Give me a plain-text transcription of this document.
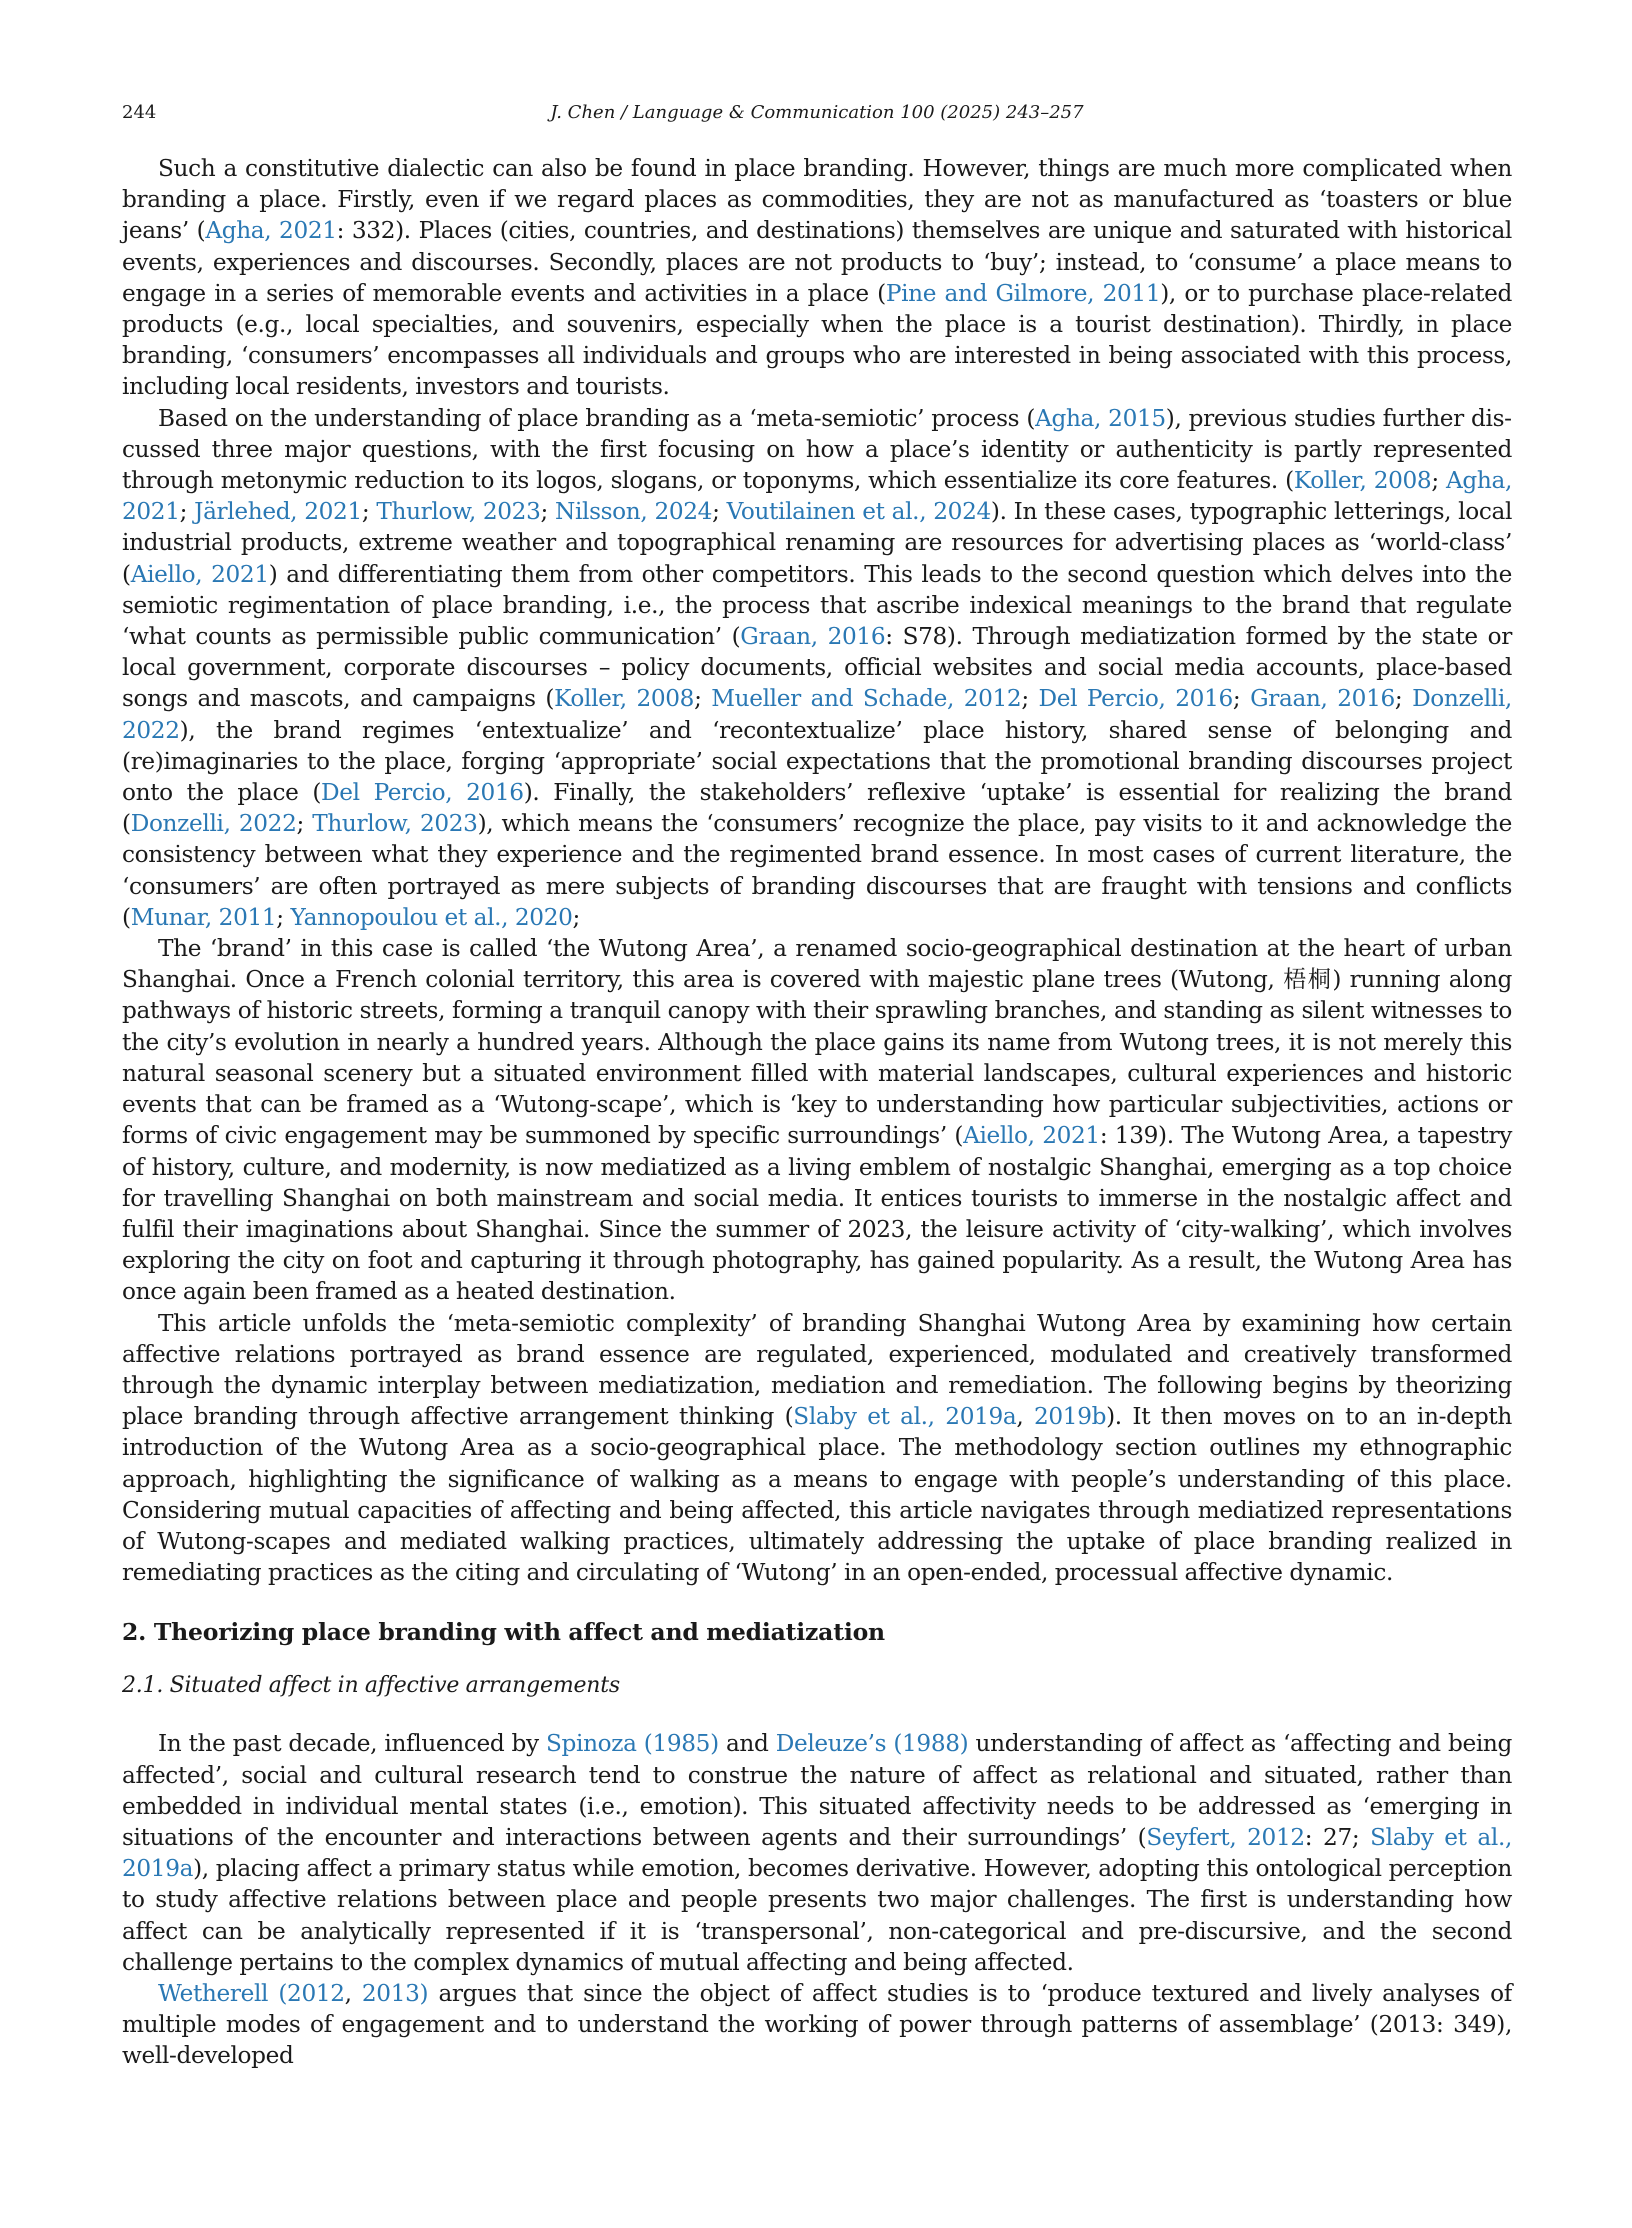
244	J. Chen / Language & Communication 100 (2025) 243–257

Such a constitutive dialectic can also be found in place branding. However, things are much more complicated when branding a place. Firstly, even if we regard places as commodities, they are not as manufactured as ‘toasters or blue jeans’ (Agha, 2021: 332). Places (cities, countries, and destinations) themselves are unique and saturated with historical events, experiences and discourses. Secondly, places are not products to ‘buy’; instead, to ‘consume’ a place means to engage in a series of memorable events and activities in a place (Pine and Gilmore, 2011), or to purchase place-related products (e.g., local specialties, and souvenirs, especially when the place is a tourist destination). Thirdly, in place branding, ‘consumers’ encompasses all individuals and groups who are interested in being associated with this process, including local residents, investors and tourists.

Based on the understanding of place branding as a ‘meta-semiotic’ process (Agha, 2015), previous studies further discussed three major questions, with the first focusing on how a place’s identity or authenticity is partly represented through metonymic reduction to its logos, slogans, or toponyms, which essentialize its core features. (Koller, 2008; Agha, 2021; Järlehed, 2021; Thurlow, 2023; Nilsson, 2024; Voutilainen et al., 2024). In these cases, typographic letterings, local industrial products, extreme weather and topographical renaming are resources for advertising places as ‘world-class’ (Aiello, 2021) and differentiating them from other competitors. This leads to the second question which delves into the semiotic regimentation of place branding, i.e., the process that ascribe indexical meanings to the brand that regulate ‘what counts as permissible public communication’ (Graan, 2016: S78). Through mediatization formed by the state or local government, corporate discourses – policy documents, official websites and social media accounts, place-based songs and mascots, and campaigns (Koller, 2008; Mueller and Schade, 2012; Del Percio, 2016; Graan, 2016; Donzelli, 2022), the brand regimes ‘entextualize’ and ‘recontextualize’ place history, shared sense of belonging and (re)imaginaries to the place, forging ‘appropriate’ social expectations that the promotional branding discourses project onto the place (Del Percio, 2016). Finally, the stakeholders’ reflexive ‘uptake’ is essential for realizing the brand (Donzelli, 2022; Thurlow, 2023), which means the ‘consumers’ recognize the place, pay visits to it and acknowledge the consistency between what they experience and the regimented brand essence. In most cases of current literature, the ‘consumers’ are often portrayed as mere subjects of branding discourses that are fraught with tensions and conflicts (Munar, 2011; Yannopoulou et al., 2020;

The ‘brand’ in this case is called ‘the Wutong Area’, a renamed socio-geographical destination at the heart of urban Shanghai. Once a French colonial territory, this area is covered with majestic plane trees (Wutong, 梧桐) running along pathways of historic streets, forming a tranquil canopy with their sprawling branches, and standing as silent witnesses to the city’s evolution in nearly a hundred years. Although the place gains its name from Wutong trees, it is not merely this natural seasonal scenery but a situated environment filled with material landscapes, cultural experiences and historic events that can be framed as a ‘Wutong-scape’, which is ‘key to understanding how particular subjectivities, actions or forms of civic engagement may be summoned by specific surroundings’ (Aiello, 2021: 139). The Wutong Area, a tapestry of history, culture, and modernity, is now mediatized as a living emblem of nostalgic Shanghai, emerging as a top choice for travelling Shanghai on both mainstream and social media. It entices tourists to immerse in the nostalgic affect and fulfil their imaginations about Shanghai. Since the summer of 2023, the leisure activity of ‘city-walking’, which involves exploring the city on foot and capturing it through photography, has gained popularity. As a result, the Wutong Area has once again been framed as a heated destination.

This article unfolds the ‘meta-semiotic complexity’ of branding Shanghai Wutong Area by examining how certain affective relations portrayed as brand essence are regulated, experienced, modulated and creatively transformed through the dynamic interplay between mediatization, mediation and remediation. The following begins by theorizing place branding through affective arrangement thinking (Slaby et al., 2019a, 2019b). It then moves on to an in-depth introduction of the Wutong Area as a socio-geographical place. The methodology section outlines my ethnographic approach, highlighting the significance of walking as a means to engage with people’s understanding of this place. Considering mutual capacities of affecting and being affected, this article navigates through mediatized representations of Wutong-scapes and mediated walking practices, ultimately addressing the uptake of place branding realized in remediating practices as the citing and circulating of ‘Wutong’ in an open-ended, processual affective dynamic.

2. Theorizing place branding with affect and mediatization
2.1. Situated affect in affective arrangements

In the past decade, influenced by Spinoza (1985) and Deleuze’s (1988) understanding of affect as ‘affecting and being affected’, social and cultural research tend to construe the nature of affect as relational and situated, rather than embedded in individual mental states (i.e., emotion). This situated affectivity needs to be addressed as ‘emerging in situations of the encounter and interactions between agents and their surroundings’ (Seyfert, 2012: 27; Slaby et al., 2019a), placing affect a primary status while emotion, becomes derivative. However, adopting this ontological perception to study affective relations between place and people presents two major challenges. The first is understanding how affect can be analytically represented if it is ‘transpersonal’, non-categorical and pre-discursive, and the second challenge pertains to the complex dynamics of mutual affecting and being affected.

Wetherell (2012, 2013) argues that since the object of affect studies is to ‘produce textured and lively analyses of multiple modes of engagement and to understand the working of power through patterns of assemblage’ (2013: 349), well-developed
